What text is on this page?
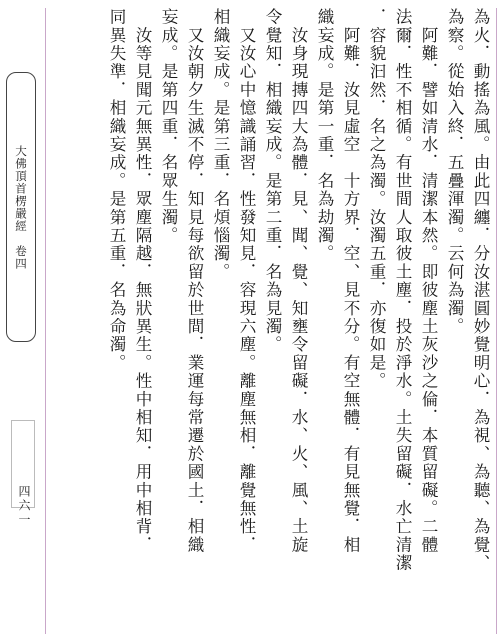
為火．動搖為風。由此四纏．分汝湛圓妙覺明心．為視、為聽、為覺、
為察。從始入終．五疊渾濁。云何為濁。
　阿難．譬如清水．清潔本然。即彼塵土灰沙之倫．本質留礙。二體
法爾．性不相循。有世間人取彼土塵．投於淨水。土失留礙．水亡清潔
．容貌汩然．名之為濁。汝濁五重．亦復如是。
　阿難．汝見虛空　十方界．空、見不分。有空無體．有見無覺．相
織妄成。是第一重．名為劫濁。
　汝身現摶四大為體．見、聞、覺、知壅令留礙．水、火、風、土旋
令覺知．相織妄成。是第二重．名為見濁。
　又汝心中憶識誦習．性發知見．容現六塵。離塵無相．離覺無性．
相織妄成。是第三重．名煩惱濁。
　又汝朝夕生滅不停．知見每欲留於世間．業運每常遷於國土．相織
妄成。是第四重．名眾生濁。
　汝等見聞元無異性．眾塵隔越．無狀異生。性中相知．用中相背．
同異失準．相織妄成。是第五重．名為命濁。
大佛頂首楞嚴經　卷四
四六一
